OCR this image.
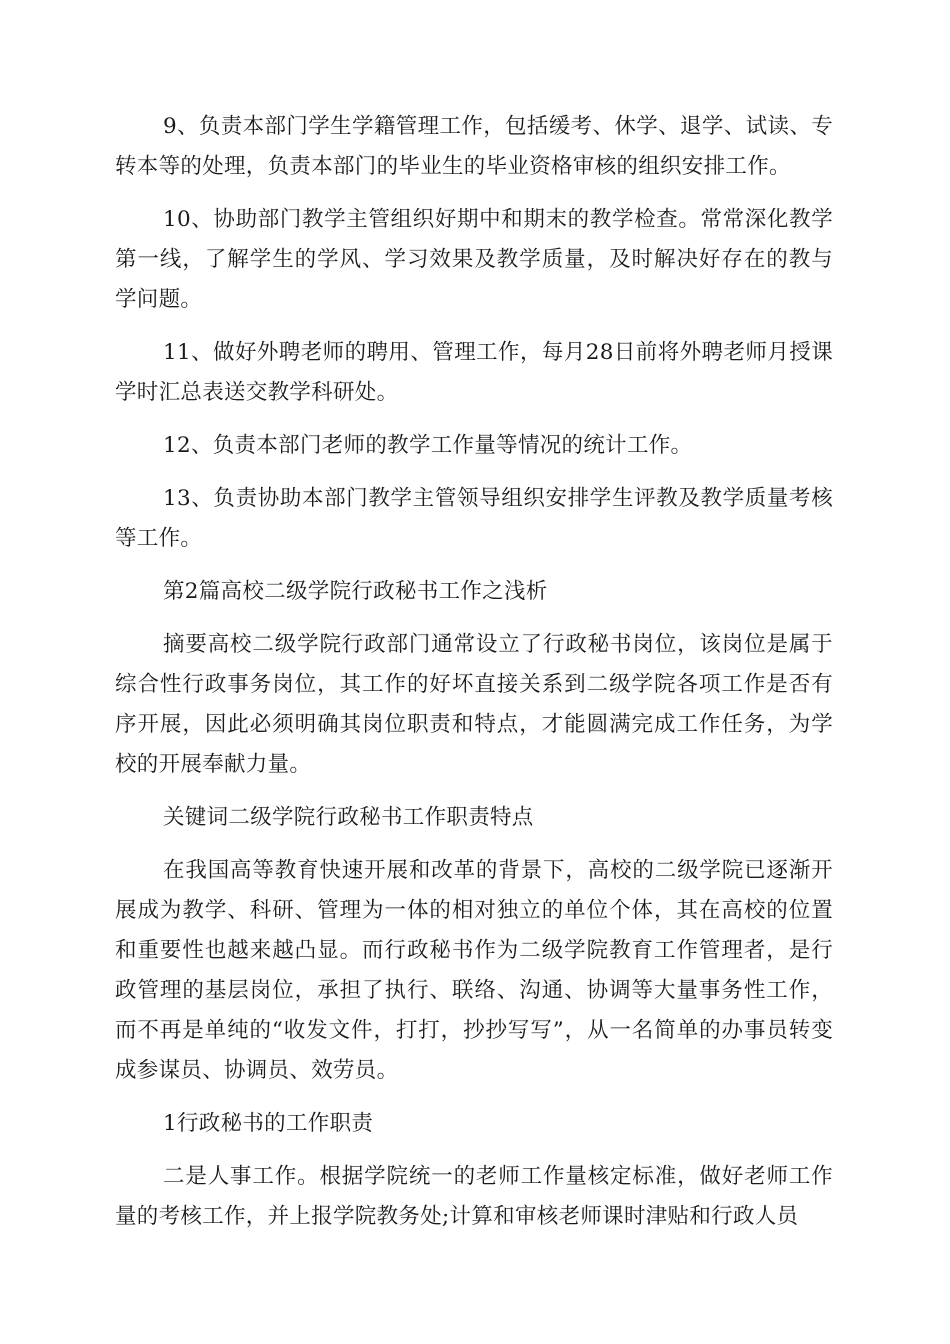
9、负责本部门学生学籍管理工作，包括缓考、休学、退学、试读、专转本等的处理，负责本部门的毕业生的毕业资格审核的组织安排工作。

10、协助部门教学主管组织好期中和期末的教学检查。常常深化教学第一线，了解学生的学风、学习效果及教学质量，及时解决好存在的教与学问题。

11、做好外聘老师的聘用、管理工作，每月28日前将外聘老师月授课学时汇总表送交教学科研处。

12、负责本部门老师的教学工作量等情况的统计工作。

13、负责协助本部门教学主管领导组织安排学生评教及教学质量考核等工作。

第2篇高校二级学院行政秘书工作之浅析

摘要高校二级学院行政部门通常设立了行政秘书岗位，该岗位是属于综合性行政事务岗位，其工作的好坏直接关系到二级学院各项工作是否有序开展，因此必须明确其岗位职责和特点，才能圆满完成工作任务，为学校的开展奉献力量。

关键词二级学院行政秘书工作职责特点

在我国高等教育快速开展和改革的背景下，高校的二级学院已逐渐开展成为教学、科研、管理为一体的相对独立的单位个体，其在高校的位置和重要性也越来越凸显。而行政秘书作为二级学院教育工作管理者，是行政管理的基层岗位，承担了执行、联络、沟通、协调等大量事务性工作，而不再是单纯的“收发文件，打打，抄抄写写”，从一名简单的办事员转变成参谋员、协调员、效劳员。

1行政秘书的工作职责

二是人事工作。根据学院统一的老师工作量核定标准，做好老师工作量的考核工作，并上报学院教务处;计算和审核老师课时津贴和行政人员
